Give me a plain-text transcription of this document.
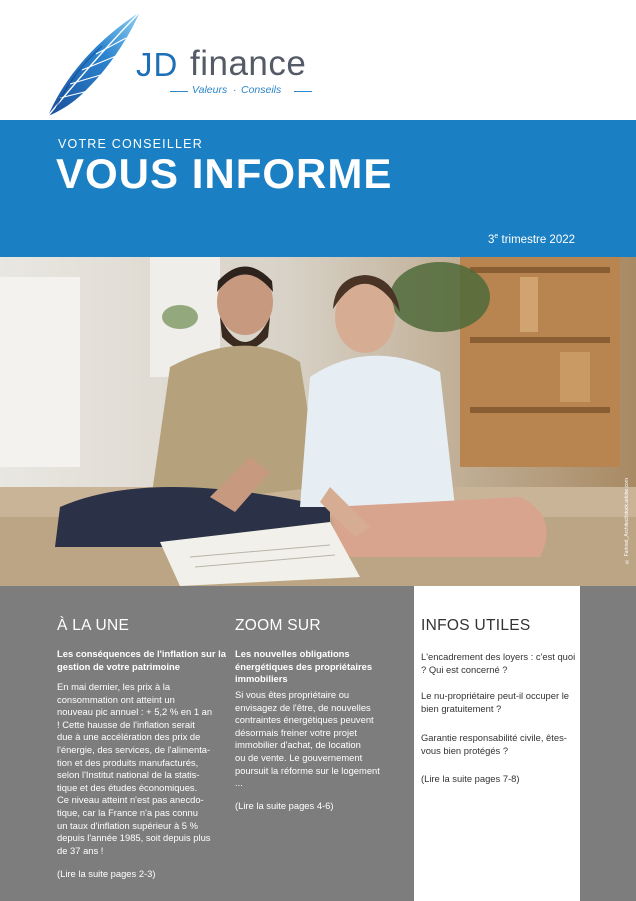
JD finance
Valeurs · Conseils
VOTRE CONSEILLER
VOUS INFORME
3e trimestre 2022
© Farknot_Architect/stock.adobe.com
À LA UNE
Les conséquences de l'inflation sur la gestion de votre patrimoine

En mai dernier, les prix à la

consommation ont atteint un

nouveau pic annuel : + 5,2 % en 1 an

! Cette hausse de l'inflation serait

due à une accélération des prix de

l'énergie, des services, de l'alimenta-

tion et des produits manufacturés,

selon l'Institut national de la statis-

tique et des études économiques.

Ce niveau atteint n'est pas anecdo-

tique, car la France n'a pas connu

un taux d'inflation supérieur à 5 %

depuis l'année 1985, soit depuis plus

de 37 ans !

(Lire la suite pages 2-3)

ZOOM SUR
Les nouvelles obligations énergétiques des propriétaires immobiliers

Si vous êtes propriétaire ou

envisagez de l'être, de nouvelles

contraintes énergétiques peuvent

désormais freiner votre projet

immobilier d'achat, de location

ou de vente. Le gouvernement

poursuit la réforme sur le logement

...

(Lire la suite pages 4-6)

INFOS UTILES
L'encadrement des loyers : c'est quoi ? Qui est concerné ?
Le nu-propriétaire peut-il occuper le bien gratuitement ?
Garantie responsabilité civile, êtes-vous bien protégés ?
(Lire la suite pages 7-8)
